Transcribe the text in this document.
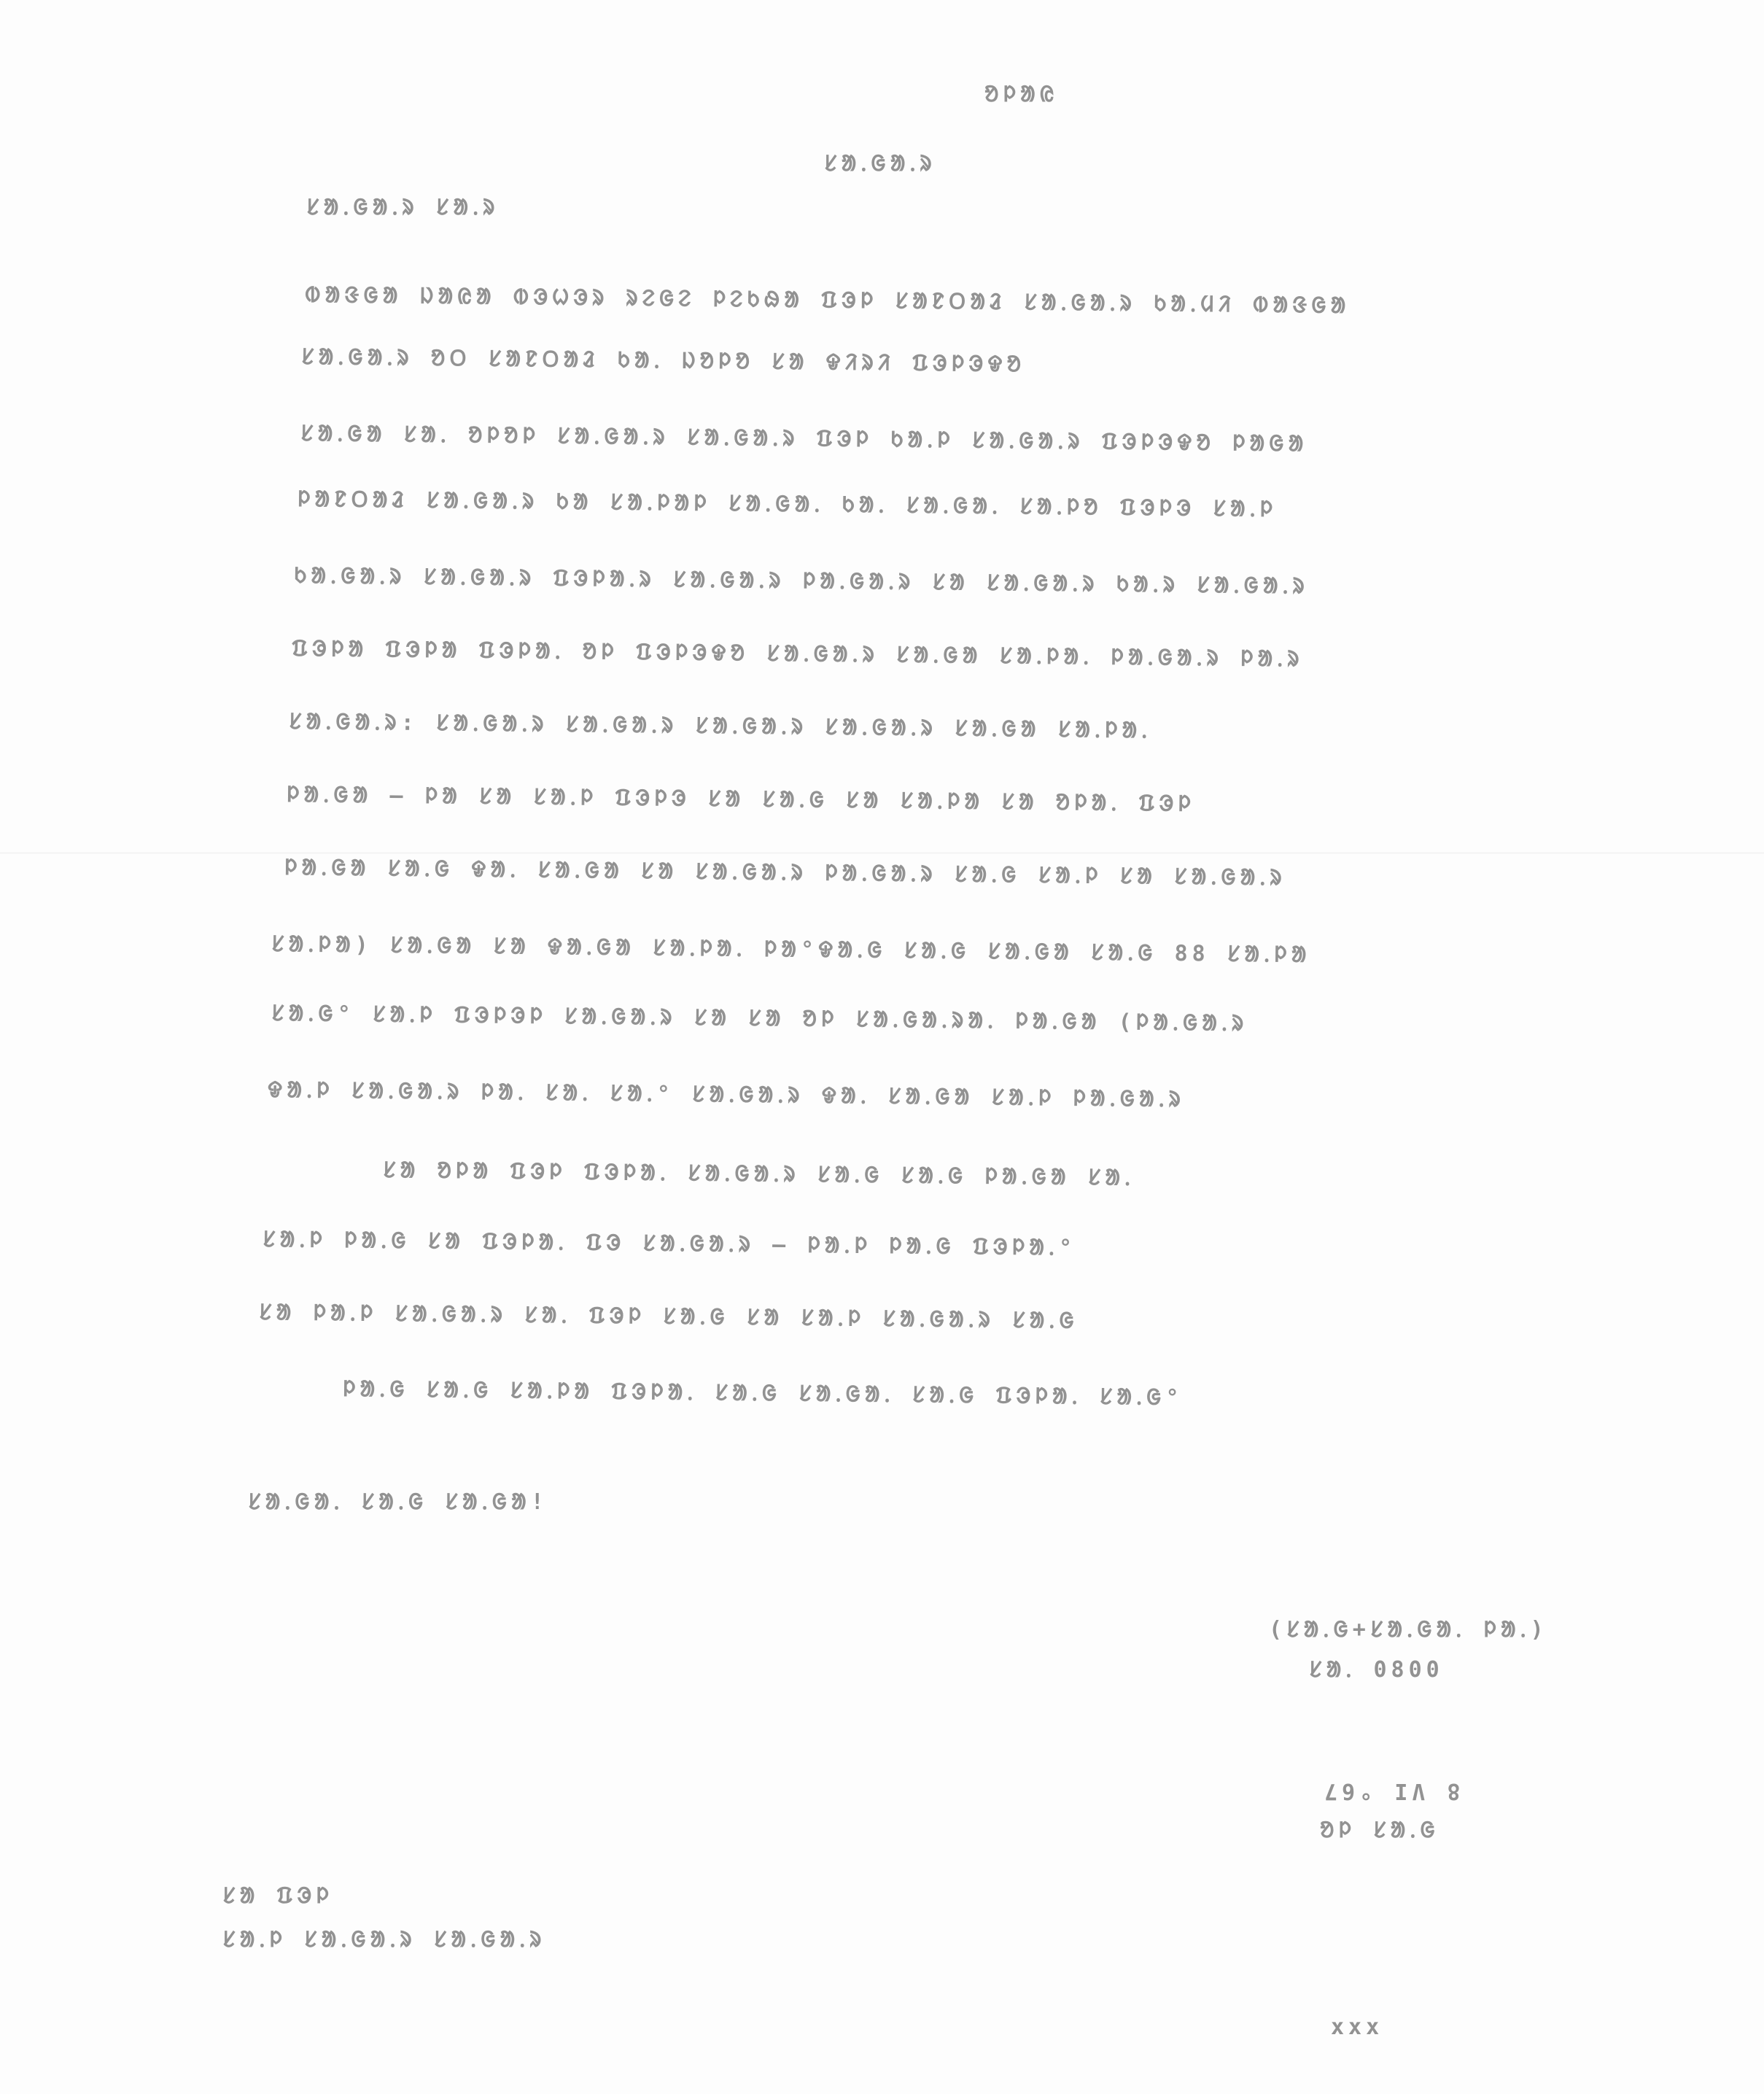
ᱚᱞᱟᱭ
ᱥᱟᱹᱜᱟᱹᱨ
ᱥᱟᱹᱜᱟᱹᱨ ᱥᱟᱹᱨ
ᱵᱟᱝᱜᱟ ᱡᱟᱭᱟ ᱵᱳᱦᱳᱨ ᱨᱮᱜᱮ ᱞᱮᱠᱷᱟ ᱯᱳᱞ ᱥᱟᱱᱛᱟᱲ ᱥᱟᱹᱜᱟᱹᱨ ᱠᱟᱹᱢᱤ ᱵᱟᱝᱜᱟ
ᱥᱟᱹᱜᱟᱹᱨ ᱚᱛ ᱥᱟᱱᱛᱟᱲ ᱠᱟᱹ ᱡᱚᱞᱚ ᱥᱟ ᱫᱤᱨᱤ ᱯᱳᱞᱳᱫᱚ
ᱥᱟᱹᱜᱟ ᱥᱟᱹ ᱚᱞᱚᱞ ᱥᱟᱹᱜᱟᱹᱨ ᱥᱟᱹᱜᱟᱹᱨ ᱯᱳᱞ ᱠᱟᱹᱞ ᱥᱟᱹᱜᱟᱹᱨ ᱯᱳᱞᱳᱫᱚ ᱞᱟᱜᱟ
ᱞᱟᱱᱛᱟᱲ ᱥᱟᱹᱜᱟᱹᱨ ᱠᱟ ᱥᱟᱹᱞᱟᱞ ᱥᱟᱹᱜᱟᱹ ᱠᱟᱹ ᱥᱟᱹᱜᱟᱹ ᱥᱟᱹᱞᱚ ᱯᱳᱞᱳ ᱥᱟᱹᱞ
ᱠᱟᱹᱜᱟᱹᱨ ᱥᱟᱹᱜᱟᱹᱨ ᱯᱳᱞᱟᱹᱨ ᱥᱟᱹᱜᱟᱹᱨ ᱞᱟᱹᱜᱟᱹᱨ ᱥᱟ ᱥᱟᱹᱜᱟᱹᱨ ᱠᱟᱹᱨ ᱥᱟᱹᱜᱟᱹᱨ
ᱯᱳᱞᱟ ᱯᱳᱞᱟ ᱯᱳᱞᱟᱹ ᱚᱞ ᱯᱳᱞᱳᱫᱚ ᱥᱟᱹᱜᱟᱹᱨ ᱥᱟᱹᱜᱟ ᱥᱟᱹᱞᱟᱹ ᱞᱟᱹᱜᱟᱹᱨ ᱞᱟᱹᱨ
ᱥᱟᱹᱜᱟᱹᱨ: ᱥᱟᱹᱜᱟᱹᱨ ᱥᱟᱹᱜᱟᱹᱨ ᱥᱟᱹᱜᱟᱹᱨ ᱥᱟᱹᱜᱟᱹᱨ ᱥᱟᱹᱜᱟ ᱥᱟᱹᱞᱟᱹ
ᱞᱟᱹᱜᱟ – ᱞᱟ ᱥᱟ ᱥᱟᱹᱞ ᱯᱳᱞᱳ ᱥᱟ ᱥᱟᱹᱜ ᱥᱟ ᱥᱟᱹᱞᱟ ᱥᱟ ᱚᱞᱟᱹ ᱯᱳᱞ
ᱞᱟᱹᱜᱟ ᱥᱟᱹᱜ ᱫᱟᱹ ᱥᱟᱹᱜᱟ ᱥᱟ ᱥᱟᱹᱜᱟᱹᱨ ᱞᱟᱹᱜᱟᱹᱨ ᱥᱟᱹᱜ ᱥᱟᱹᱞ ᱥᱟ ᱥᱟᱹᱜᱟᱹᱨ
ᱥᱟᱹᱞᱟ) ᱥᱟᱹᱜᱟ ᱥᱟ ᱫᱟᱹᱜᱟ ᱥᱟᱹᱞᱟᱹ ᱞᱟ°ᱫᱟᱹᱜ ᱥᱟᱹᱜ ᱥᱟᱹᱜᱟ ᱥᱟᱹᱜ 88 ᱥᱟᱹᱞᱟ
ᱥᱟᱹᱜ° ᱥᱟᱹᱞ ᱯᱳᱞᱳᱞ ᱥᱟᱹᱜᱟᱹᱨ ᱥᱟ ᱥᱟ ᱚᱞ ᱥᱟᱹᱜᱟᱹᱨᱟᱹ ᱞᱟᱹᱜᱟ (ᱞᱟᱹᱜᱟᱹᱨ
ᱫᱟᱹᱞ ᱥᱟᱹᱜᱟᱹᱨ ᱞᱟᱹ ᱥᱟᱹ ᱥᱟᱹ° ᱥᱟᱹᱜᱟᱹᱨ ᱫᱟᱹ ᱥᱟᱹᱜᱟ ᱥᱟᱹᱞ ᱞᱟᱹᱜᱟᱹᱨ
ᱥᱟ ᱚᱞᱟ ᱯᱳᱞ ᱯᱳᱞᱟᱹ ᱥᱟᱹᱜᱟᱹᱨ ᱥᱟᱹᱜ ᱥᱟᱹᱜ ᱞᱟᱹᱜᱟ ᱥᱟᱹ
ᱥᱟᱹᱞ ᱞᱟᱹᱜ ᱥᱟ ᱯᱳᱞᱟᱹ ᱯᱳ ᱥᱟᱹᱜᱟᱹᱨ – ᱞᱟᱹᱞ ᱞᱟᱹᱜ ᱯᱳᱞᱟᱹ°
ᱥᱟ ᱞᱟᱹᱞ ᱥᱟᱹᱜᱟᱹᱨ ᱥᱟᱹ ᱯᱳᱞ ᱥᱟᱹᱜ ᱥᱟ ᱥᱟᱹᱞ ᱥᱟᱹᱜᱟᱹᱨ ᱥᱟᱹᱜ
ᱞᱟᱹᱜ ᱥᱟᱹᱜ ᱥᱟᱹᱞᱟ ᱯᱳᱞᱟᱹ ᱥᱟᱹᱜ ᱥᱟᱹᱜᱟᱹ ᱥᱟᱹᱜ ᱯᱳᱞᱟᱹ ᱥᱟᱹᱜ°
ᱥᱟᱹᱜᱟᱹ ᱥᱟᱹᱜ ᱥᱟᱹᱜᱟ!
(ᱥᱟᱹᱜ+ᱥᱟᱹᱜᱟᱹ ᱞᱟᱹ)
ᱥᱟᱹ 0800
8 VI °67
ᱚᱞ ᱥᱟᱹᱜ
ᱥᱟ ᱯᱳᱞ
ᱥᱟᱹᱞ ᱥᱟᱹᱜᱟᱹᱨ ᱥᱟᱹᱜᱟᱹᱨ
xxx
